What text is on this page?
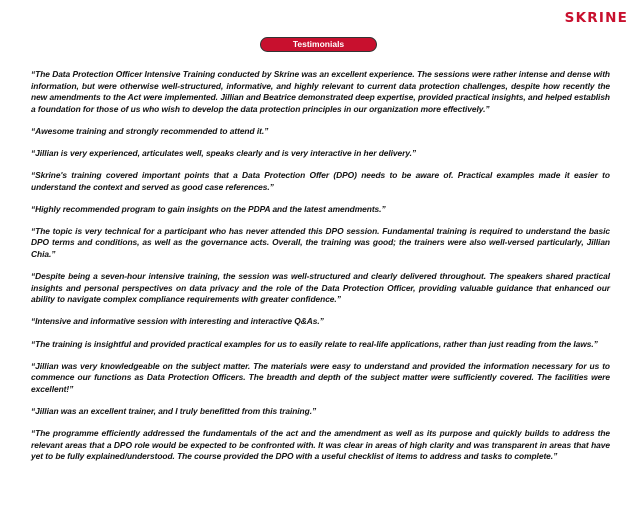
SKRINE
Testimonials

“The Data Protection Officer Intensive Training conducted by Skrine was an excellent experience. The sessions were rather intense and dense with information, but were otherwise well-structured, informative, and highly relevant to current data protection challenges, despite how recently the new amendments to the Act were implemented. Jillian and Beatrice demonstrated deep expertise, provided practical insights, and helped establish a foundation for those of us who wish to develop the data protection principles in our organization more effectively.”

“Awesome training and strongly recommended to attend it.”

“Jillian is very experienced, articulates well, speaks clearly and is very interactive in her delivery.”

“Skrine's training covered important points that a Data Protection Offer (DPO) needs to be aware of. Practical examples made it easier to understand the context and served as good case references.”

“Highly recommended program to gain insights on the PDPA and the latest amendments.”

“The topic is very technical for a participant who has never attended this DPO session. Fundamental training is required to understand the basic DPO terms and conditions, as well as the governance acts. Overall, the training was good; the trainers were also well-versed particularly, Jillian Chia.”

“Despite being a seven-hour intensive training, the session was well-structured and clearly delivered throughout. The speakers shared practical insights and personal perspectives on data privacy and the role of the Data Protection Officer, providing valuable guidance that enhanced our ability to navigate complex compliance requirements with greater confidence.”

“Intensive and informative session with interesting and interactive Q&As.”

“The training is insightful and provided practical examples for us to easily relate to real-life applications, rather than just reading from the laws.”

“Jillian was very knowledgeable on the subject matter. The materials were easy to understand and provided the information necessary for us to commence our functions as Data Protection Officers. The breadth and depth of the subject matter were sufficiently covered. The facilities were excellent!”

“Jillian was an excellent trainer, and I truly benefitted from this training.”

“The programme efficiently addressed the fundamentals of the act and the amendment as well as its purpose and quickly builds to address the relevant areas that a DPO role would be expected to be confronted with. It was clear in areas of high clarity and was transparent in areas that have yet to be fully explained/understood. The course provided the DPO with a useful checklist of items to address and tasks to complete.”
